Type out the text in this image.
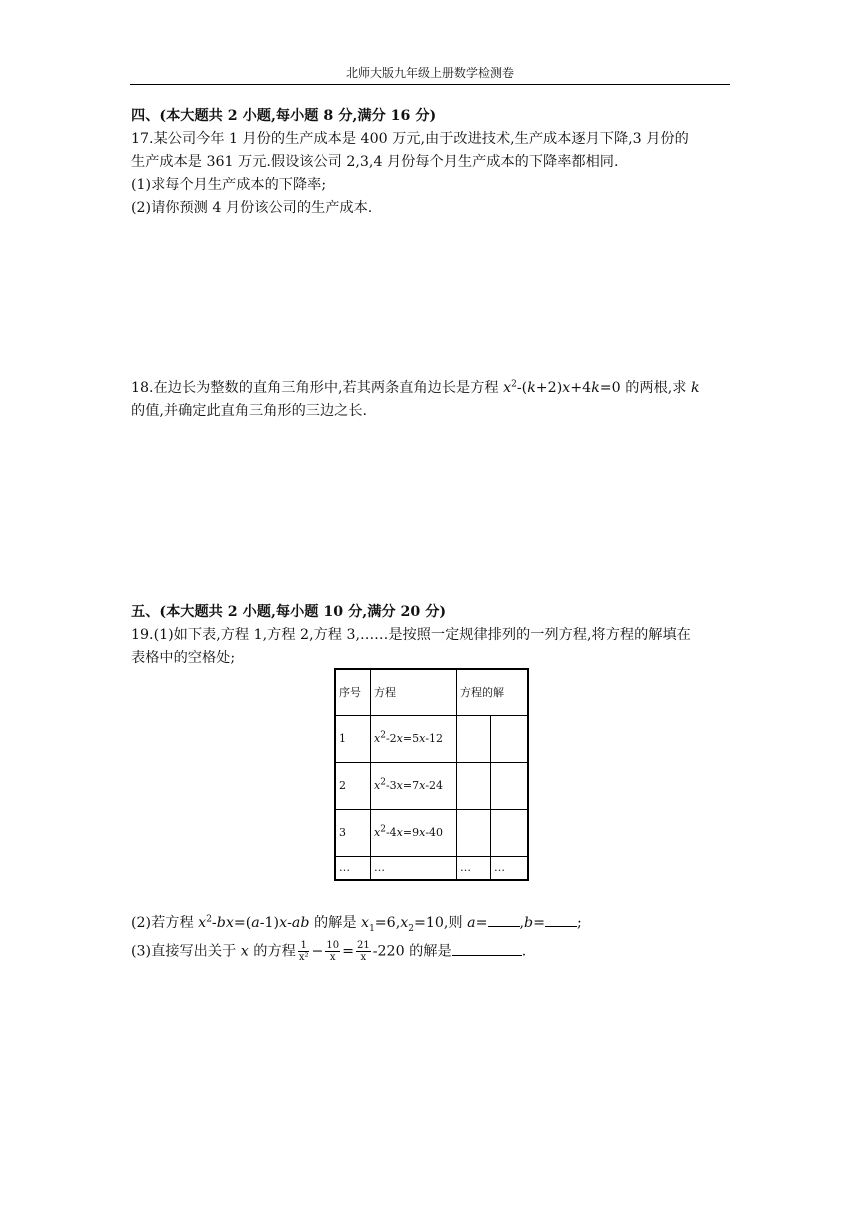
北师大版九年级上册数学检测卷
四、(本大题共 2 小题,每小题 8 分,满分 16 分)
17.某公司今年 1 月份的生产成本是 400 万元,由于改进技术,生产成本逐月下降,3 月份的
生产成本是 361 万元.假设该公司 2,3,4 月份每个月生产成本的下降率都相同.
(1)求每个月生产成本的下降率;
(2)请你预测 4 月份该公司的生产成本.
18.在边长为整数的直角三角形中,若其两条直角边长是方程 $x^2-(k+2)x+4k=0$ 的两根,求 k
的值,并确定此直角三角形的三边之长.
五、(本大题共 2 小题,每小题 10 分,满分 20 分)
19.(1)如下表,方程 1,方程 2,方程 3,……是按照一定规律排列的一列方程,将方程的解填在
表格中的空格处;
序号	方程	方程的解	
1	$x^2-2x=5x-12$		
2	$x^2-3x=7x-24$		
3	$x^2-4x=9x-40$		
…	…	…	…
(2)若方程 $x^2-bx=(a-1)x-ab$ 的解是 $x_1=6,x_2=10$,则 a= ,b= ;
(3)直接写出关于 x 的方程 $\frac{1}{\text{x²}} - \frac{10}{x} = \frac{21}{x} -220$ 的解是	.
